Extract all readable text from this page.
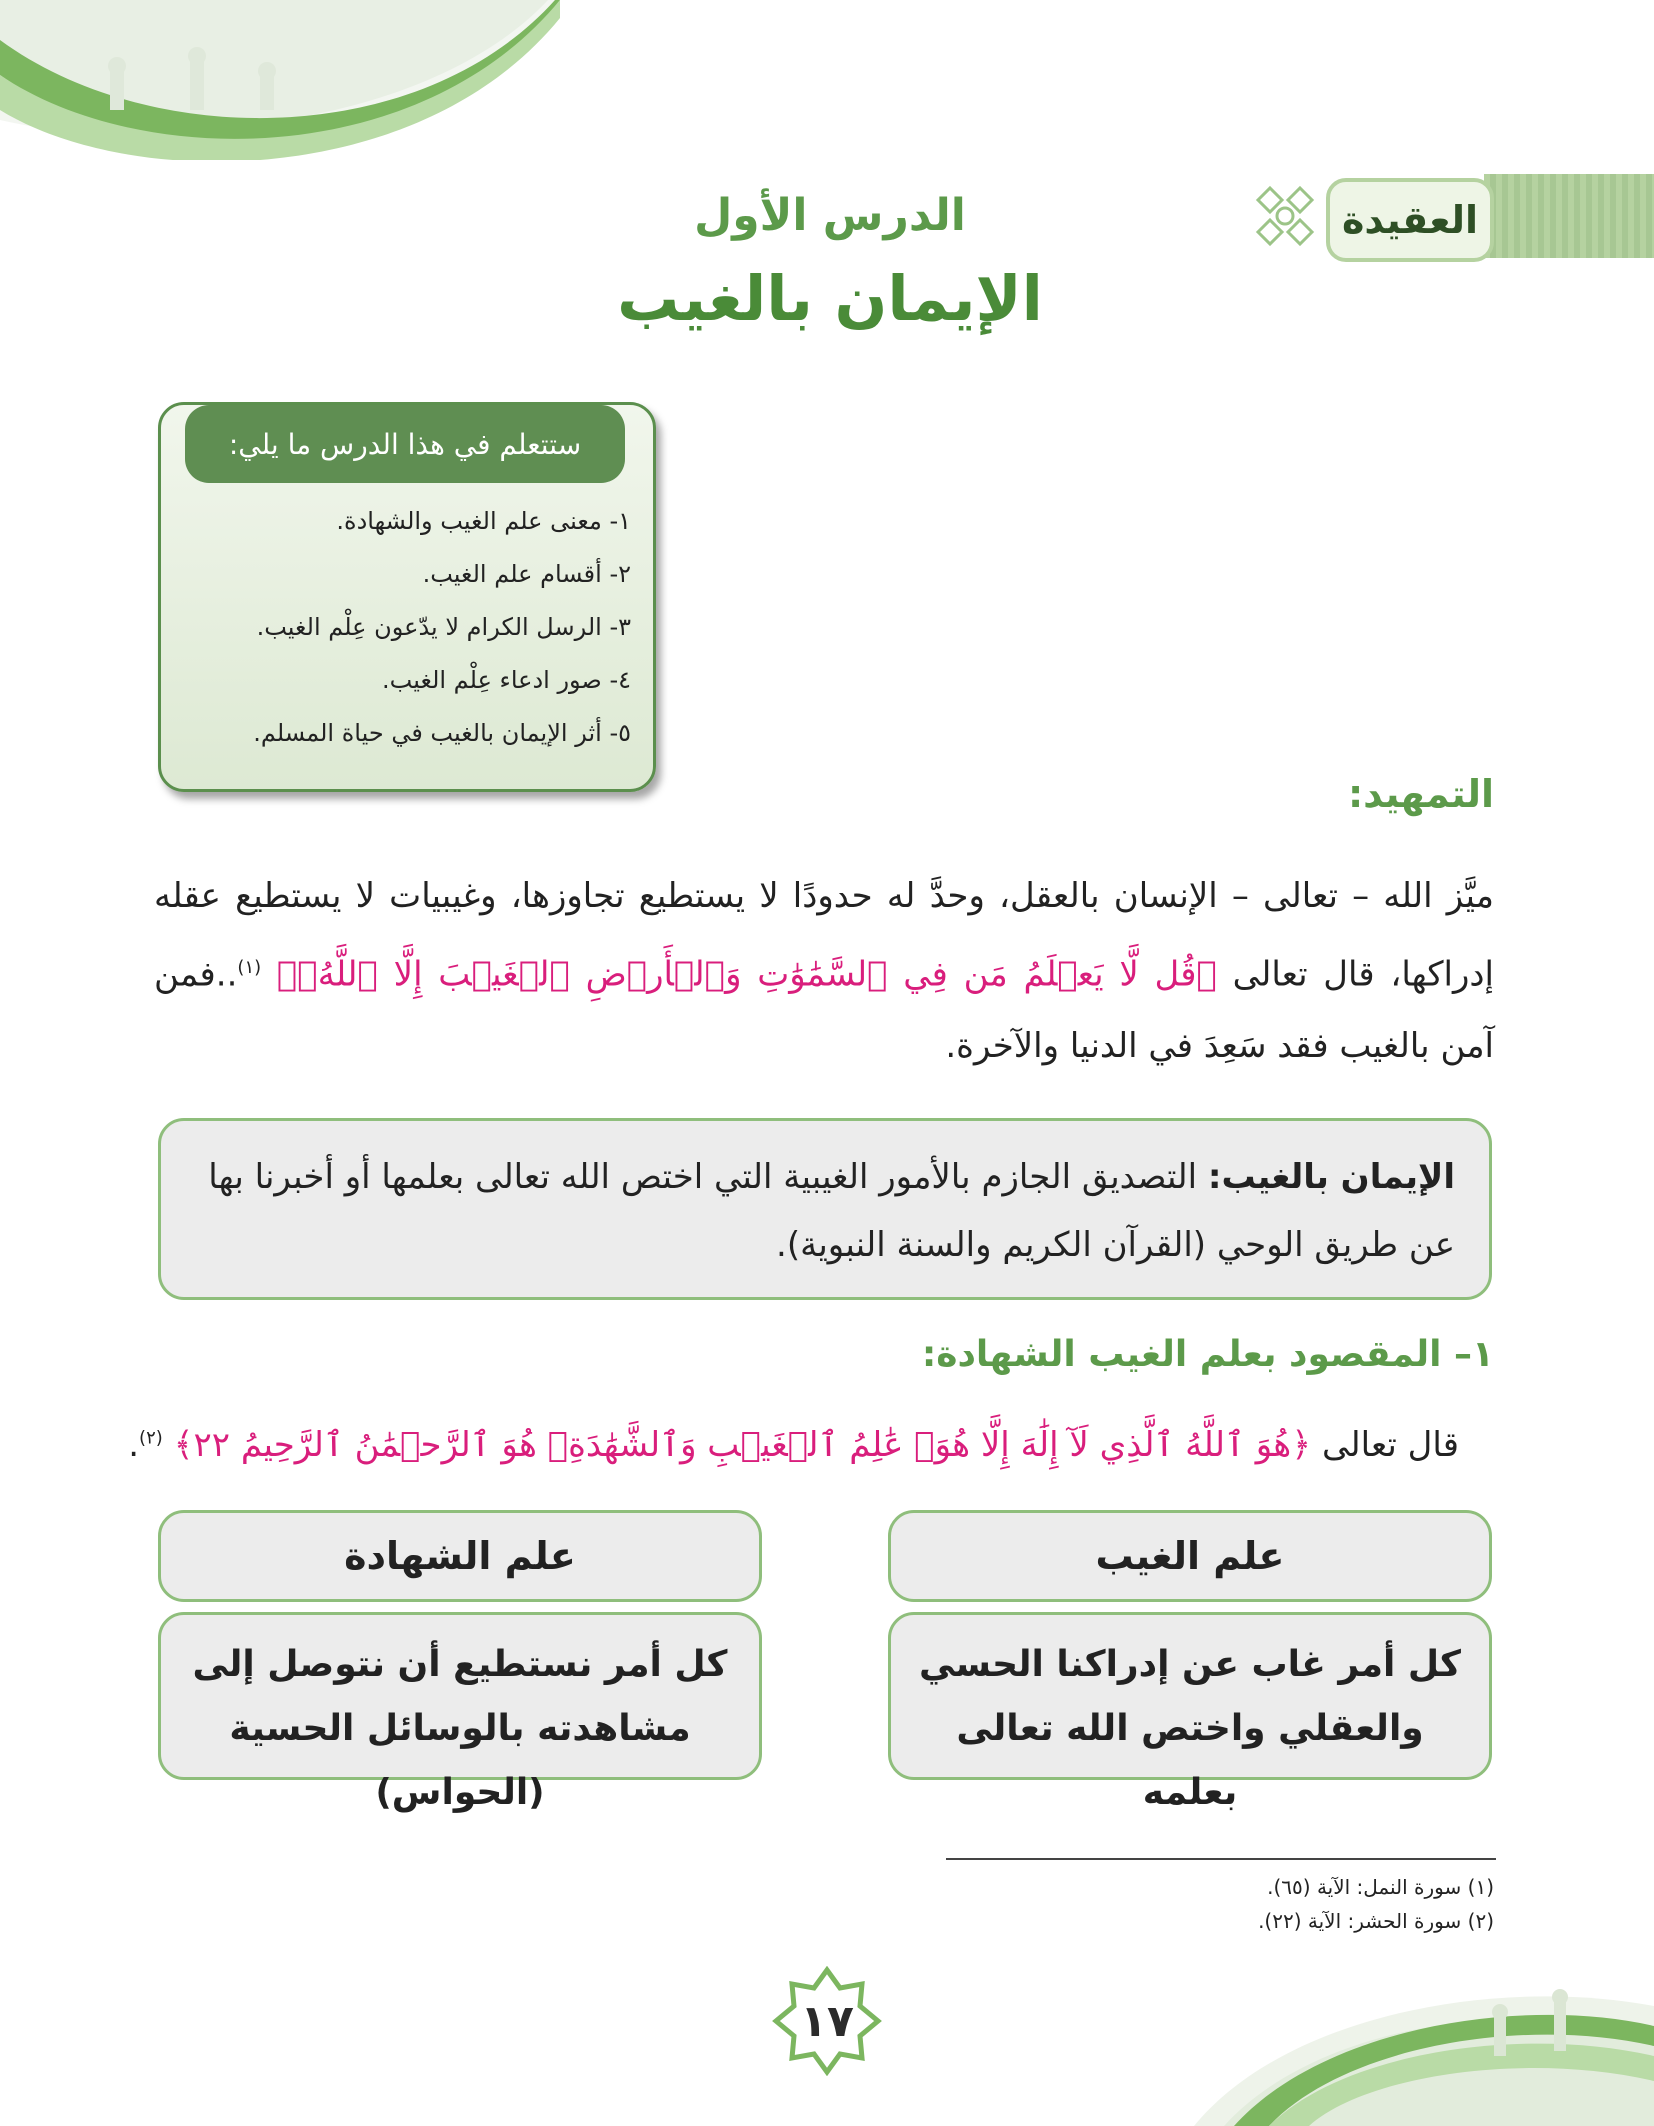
العقيدة
الدرس الأول
الإيمان بالغيب
ستتعلم في هذا الدرس ما يلي:
١- معنى علم الغيب والشهادة.
٢- أقسام علم الغيب.
٣- الرسل الكرام لا يدّعون عِلْم الغيب.
٤- صور ادعاء عِلْم الغيب.
٥- أثر الإيمان بالغيب في حياة المسلم.
التمهيد:
ميَّز الله – تعالى – الإنسان بالعقل، وحدَّ له حدودًا لا يستطيع تجاوزها، وغيبيات لا يستطيع عقله إدراكها، قال تعالى ﴿قُل لَّا يَعۡلَمُ مَن فِي ٱلسَّمَٰوَٰتِ وَٱلۡأَرۡضِ ٱلۡغَيۡبَ إِلَّا ٱللَّهُۚ﴾ $^{(١)}$..فمن آمن بالغيب فقد سَعِدَ في الدنيا والآخرة.

الإيمان بالغيب: التصديق الجازم بالأمور الغيبية التي اختص الله تعالى بعلمها أو أخبرنا بها عن طريق الوحي (القرآن الكريم والسنة النبوية).

١– المقصود بعلم الغيب الشهادة:
قال تعالى ﴿هُوَ ٱللَّهُ ٱلَّذِي لَآ إِلَٰهَ إِلَّا هُوَۖ عَٰلِمُ ٱلۡغَيۡبِ وَٱلشَّهَٰدَةِۖ هُوَ ٱلرَّحۡمَٰنُ ٱلرَّحِيمُ ٢٢﴾ $^{(٢)}$.
علم الغيب

كل أمر غاب عن إدراكنا الحسي

والعقلي واختص الله تعالى بعلمه

علم الشهادة

كل أمر نستطيع أن نتوصل إلى

مشاهدته بالوسائل الحسية (الحواس)

(١) سورة النمل: الآية (٦٥).

(٢) سورة الحشر: الآية (٢٢).

١٧
